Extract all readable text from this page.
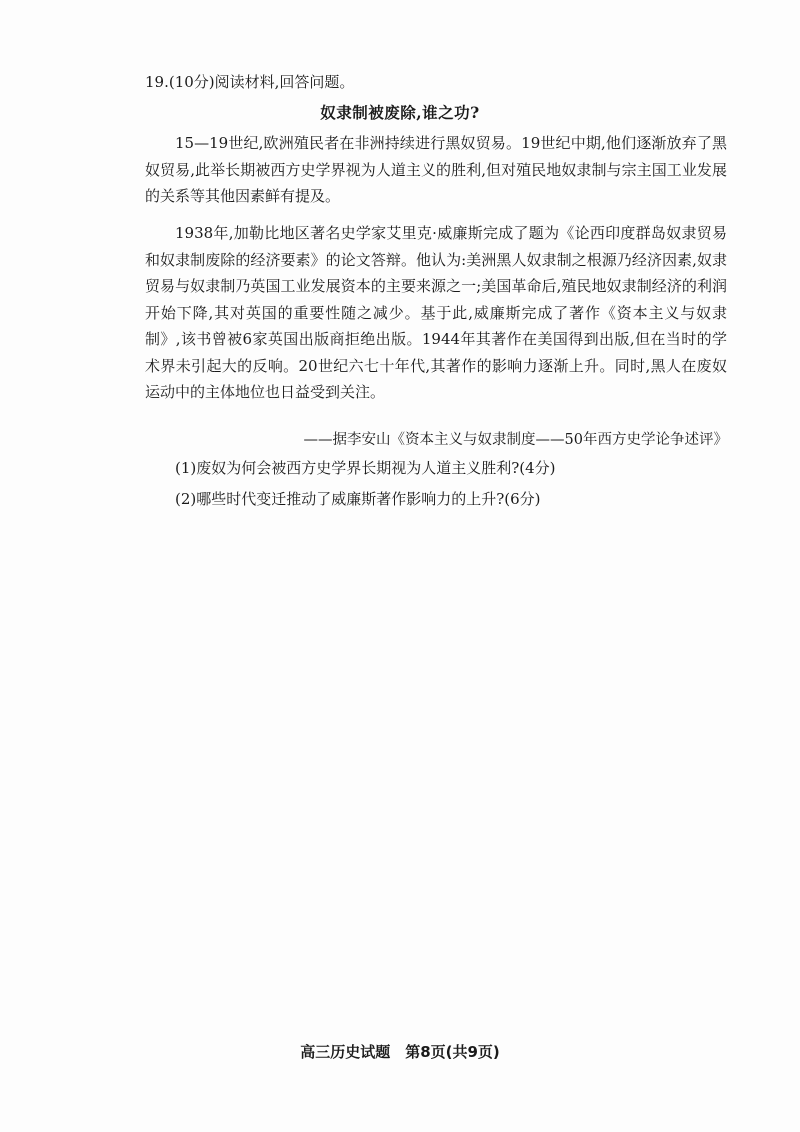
19.(10分)阅读材料,回答问题。
奴隶制被废除,谁之功?

15—19世纪,欧洲殖民者在非洲持续进行黑奴贸易。19世纪中期,他们逐渐放弃了黑奴贸易,此举长期被西方史学界视为人道主义的胜利,但对殖民地奴隶制与宗主国工业发展的关系等其他因素鲜有提及。

1938年,加勒比地区著名史学家艾里克·威廉斯完成了题为《论西印度群岛奴隶贸易和奴隶制废除的经济要素》的论文答辩。他认为:美洲黑人奴隶制之根源乃经济因素,奴隶贸易与奴隶制乃英国工业发展资本的主要来源之一;美国革命后,殖民地奴隶制经济的利润开始下降,其对英国的重要性随之减少。基于此,威廉斯完成了著作《资本主义与奴隶制》,该书曾被6家英国出版商拒绝出版。1944年其著作在美国得到出版,但在当时的学术界未引起大的反响。20世纪六七十年代,其著作的影响力逐渐上升。同时,黑人在废奴运动中的主体地位也日益受到关注。

——据李安山《资本主义与奴隶制度——50年西方史学论争述评》
(1)废奴为何会被西方史学界长期视为人道主义胜利?(4分)
(2)哪些时代变迁推动了威廉斯著作影响力的上升?(6分)
高三历史试题　第8页(共9页)
